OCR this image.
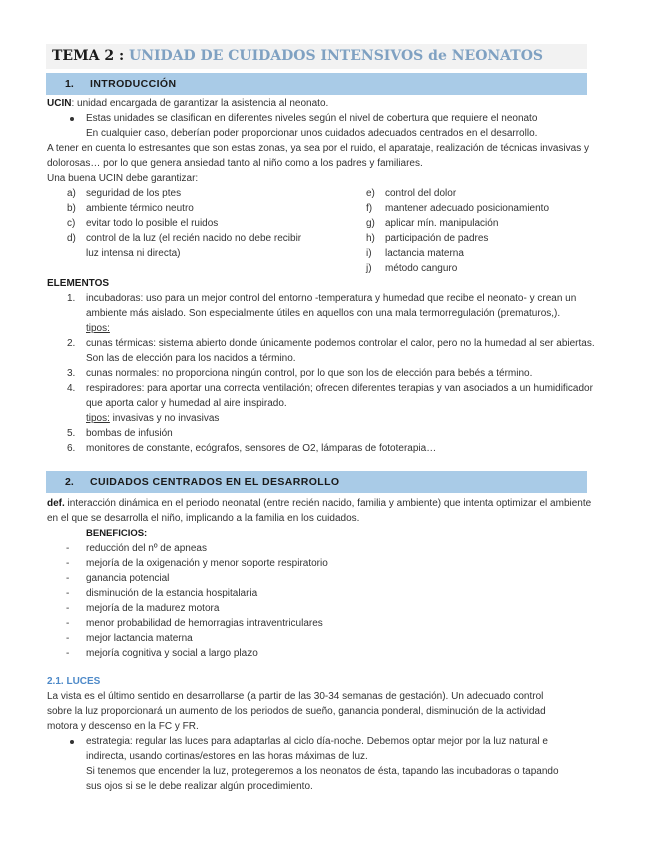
TEMA 2 : UNIDAD DE CUIDADOS INTENSIVOS de NEONATOS
1. INTRODUCCIÓN
UCIN: unidad encargada de garantizar la asistencia al neonato.
Estas unidades se clasifican en diferentes niveles según el nivel de cobertura que requiere el neonato
En cualquier caso, deberían poder proporcionar unos cuidados adecuados centrados en el desarrollo.
A tener en cuenta lo estresantes que son estas zonas, ya sea por el ruido, el aparataje, realización de técnicas invasivas y
dolorosas… por lo que genera ansiedad tanto al niño como a los padres y familiares.
Una buena UCIN debe garantizar:
a) seguridad de los ptes
b) ambiente térmico neutro
c) evitar todo lo posible el ruidos
d) control de la luz (el recién nacido no debe recibir
luz intensa ni directa)
e) control del dolor
f) mantener adecuado posicionamiento
g) aplicar mín. manipulación
h) participación de padres
i) lactancia materna
j) método canguro
ELEMENTOS
1. incubadoras: uso para un mejor control del entorno -temperatura y humedad que recibe el neonato- y crean un
ambiente más aislado. Son especialmente útiles en aquellos con una mala termorregulación (prematuros,).
tipos:
2. cunas térmicas: sistema abierto donde únicamente podemos controlar el calor, pero no la humedad al ser abiertas.
Son las de elección para los nacidos a término.
3. cunas normales: no proporciona ningún control, por lo que son los de elección para bebés a término.
4. respiradores: para aportar una correcta ventilación; ofrecen diferentes terapias y van asociados a un humidificador
que aporta calor y humedad al aire inspirado.
tipos: invasivas y no invasivas
5. bombas de infusión
6. monitores de constante, ecógrafos, sensores de O2, lámparas de fototerapia…
2. CUIDADOS CENTRADOS EN EL DESARROLLO
def. interacción dinámica en el periodo neonatal (entre recién nacido, familia y ambiente) que intenta optimizar el ambiente
en el que se desarrolla el niño, implicando a la familia en los cuidados.
BENEFICIOS:
- reducción del nº de apneas
- mejoría de la oxigenación y menor soporte respiratorio
- ganancia potencial
- disminución de la estancia hospitalaria
- mejoría de la madurez motora
- menor probabilidad de hemorragias intraventriculares
- mejor lactancia materna
- mejoría cognitiva y social a largo plazo
2.1. LUCES
La vista es el último sentido en desarrollarse (a partir de las 30-34 semanas de gestación). Un adecuado control
sobre la luz proporcionará un aumento de los periodos de sueño, ganancia ponderal, disminución de la actividad
motora y descenso en la FC y FR.
estrategia: regular las luces para adaptarlas al ciclo día-noche. Debemos optar mejor por la luz natural e
indirecta, usando cortinas/estores en las horas máximas de luz.
Si tenemos que encender la luz, protegeremos a los neonatos de ésta, tapando las incubadoras o tapando
sus ojos si se le debe realizar algún procedimiento.
